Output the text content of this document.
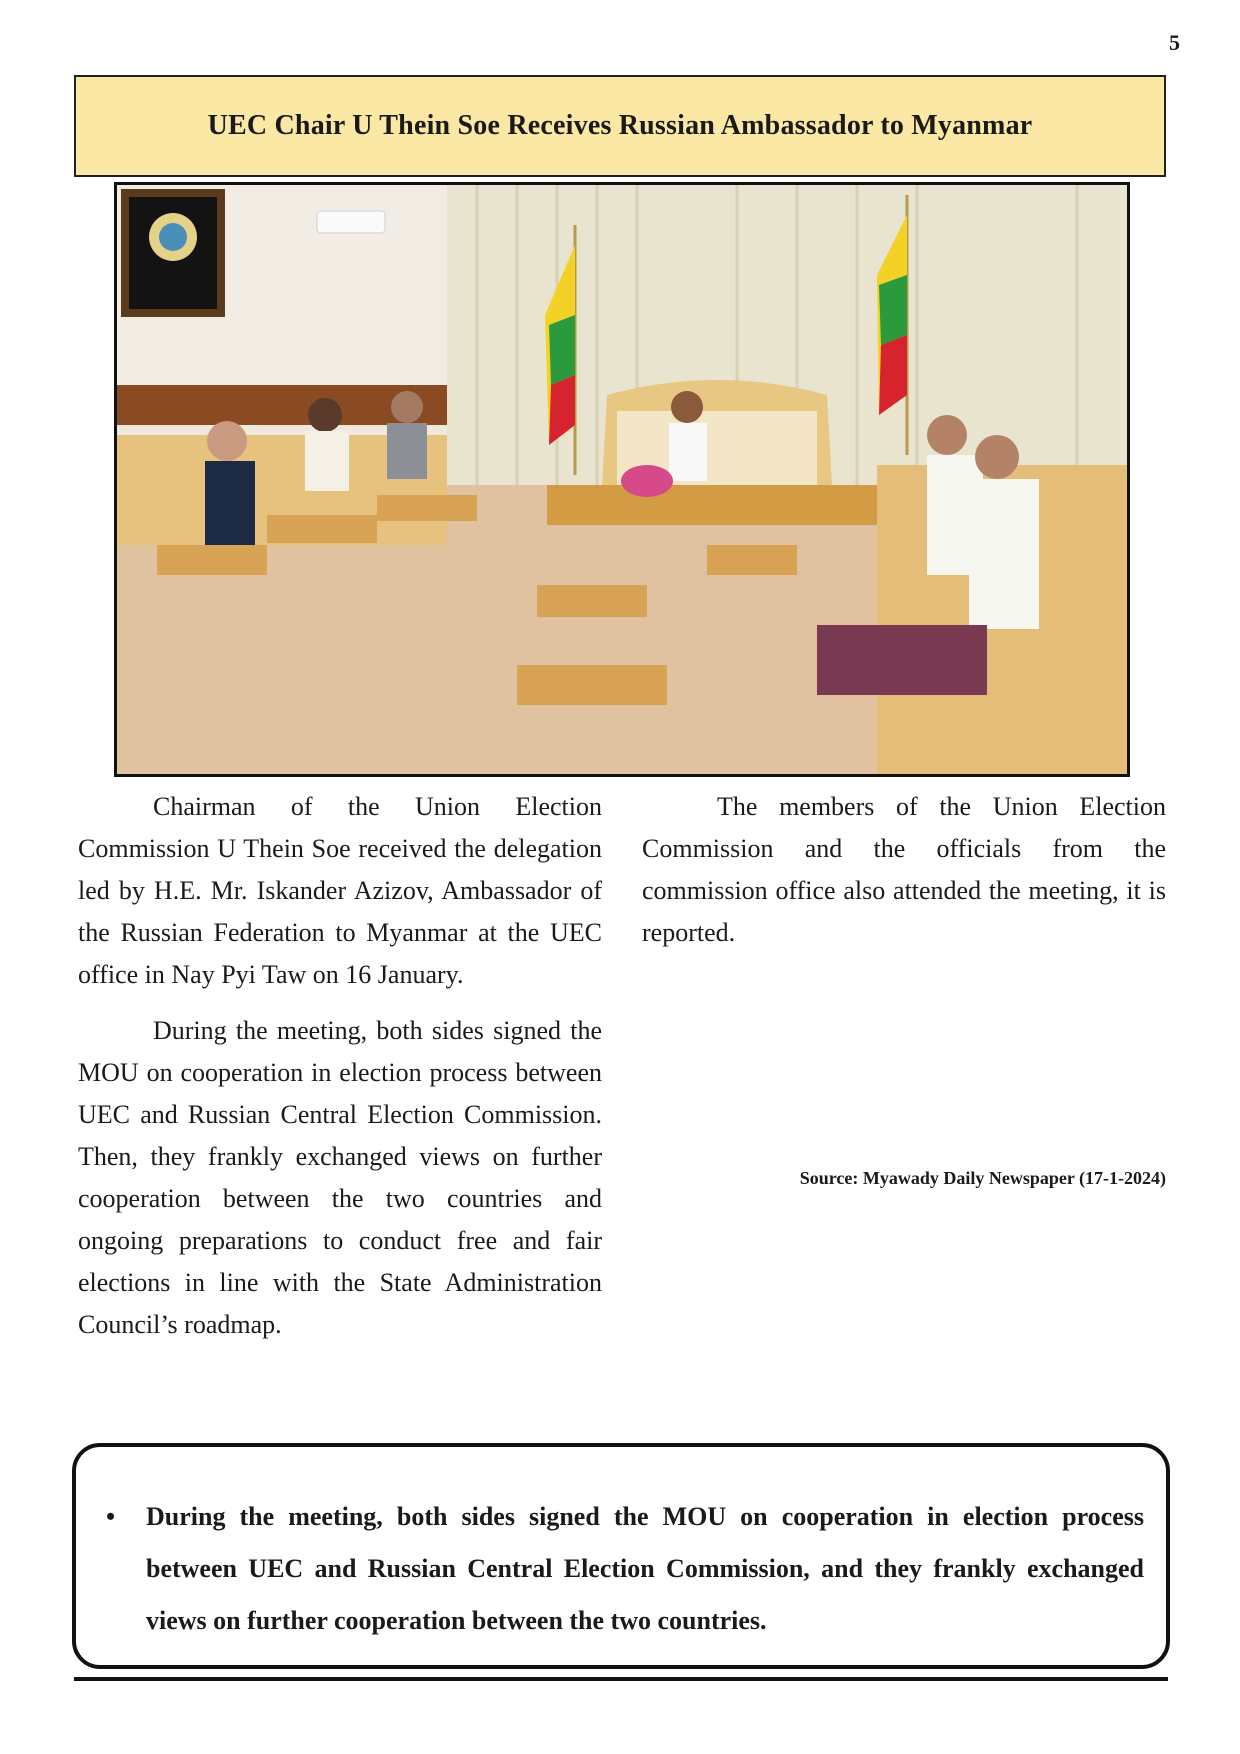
5
UEC Chair U Thein Soe Receives Russian Ambassador to Myanmar

Chairman of the Union Election Commission U Thein Soe received the delegation led by H.E. Mr. Iskander Azizov, Ambassador of the Russian Federation to Myanmar at the UEC office in Nay Pyi Taw on 16 January.

During the meeting, both sides signed the MOU on cooperation in election process between UEC and Russian Central Election Commission. Then, they frankly exchanged views on further cooperation between the two countries and ongoing preparations to conduct free and fair elections in line with the State Administration Council’s roadmap.

The members of the Union Election Commission and the officials from the commission office also attended the meeting, it is reported.

Source: Myawady Daily Newspaper (17-1-2024)
• During the meeting, both sides signed the MOU on cooperation in election process between UEC and Russian Central Election Commission, and they frankly exchanged views on further cooperation between the two countries.
